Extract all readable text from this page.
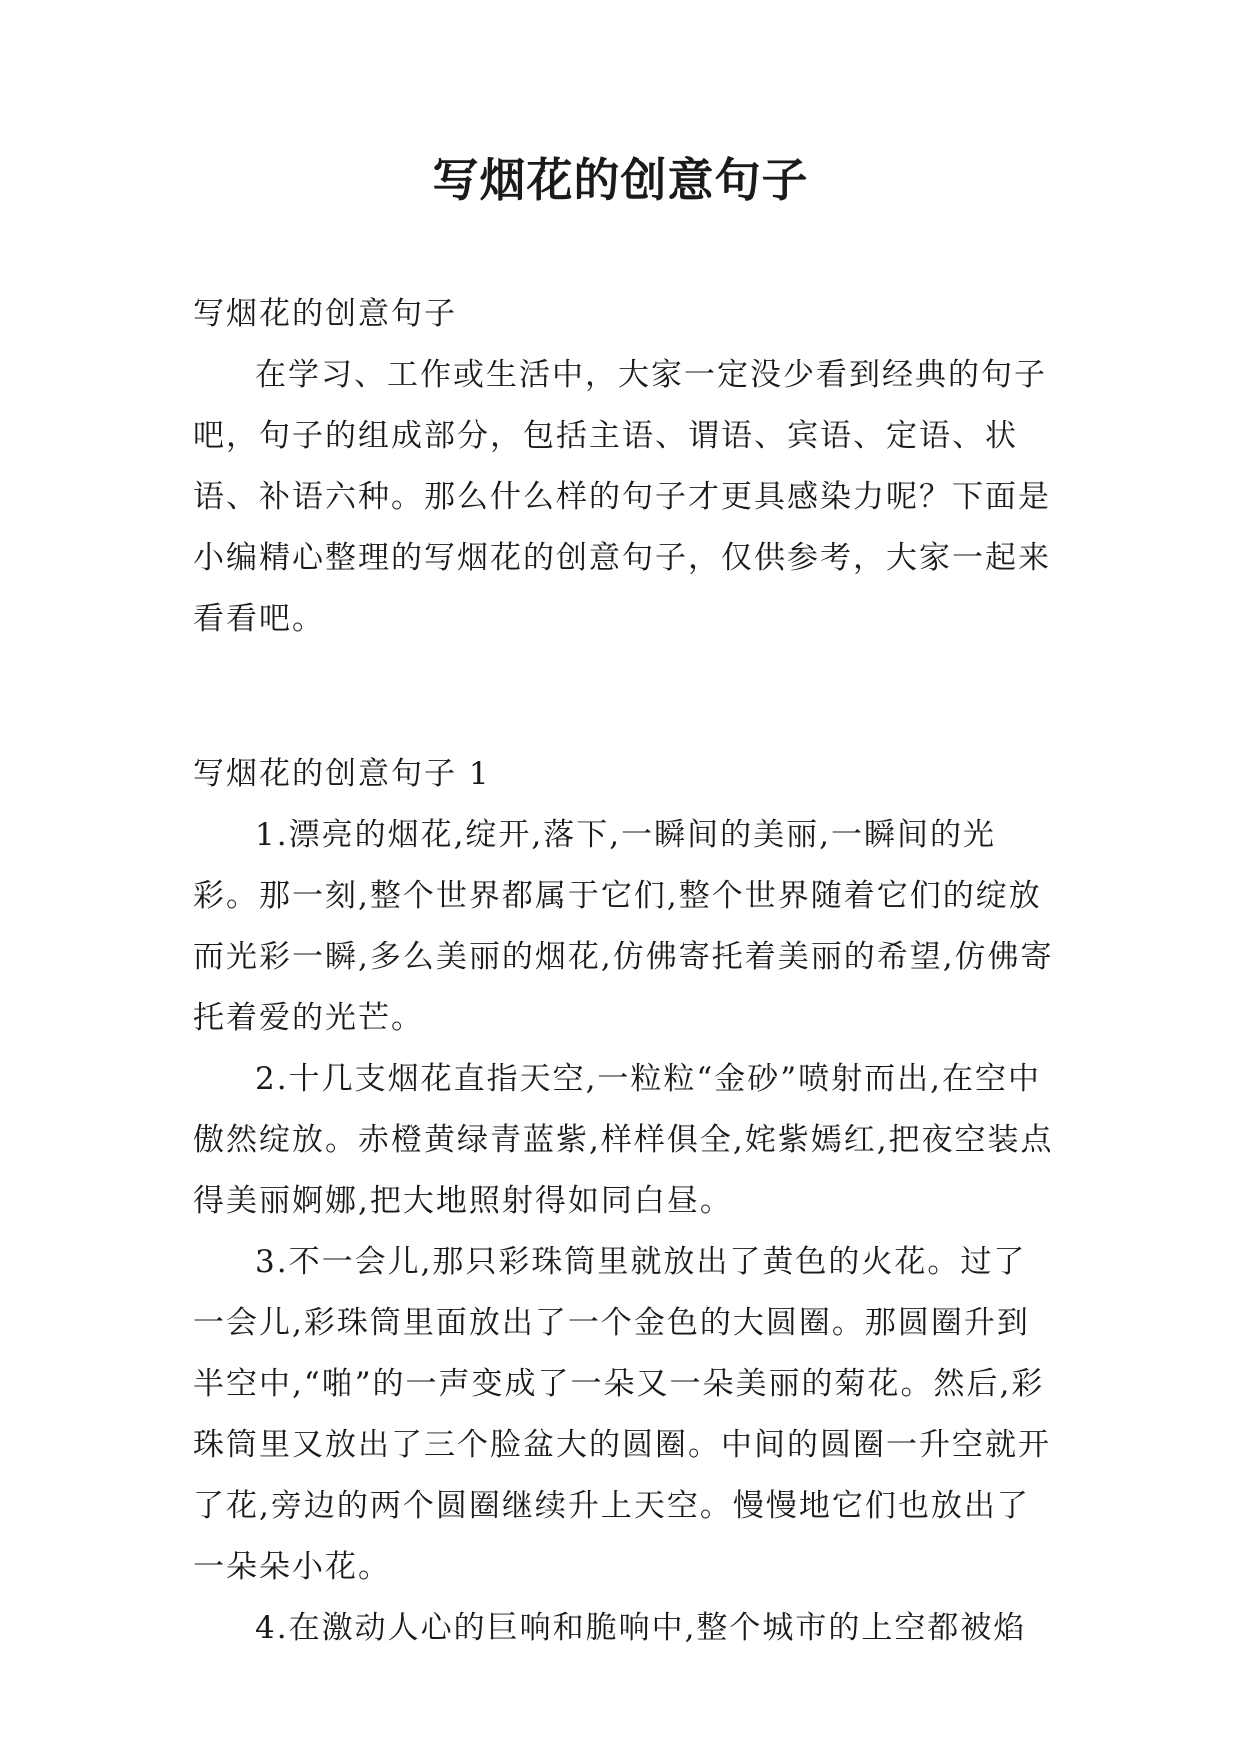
写烟花的创意句子

写烟花的创意句子

在学习、工作或生活中，大家一定没少看到经典的句子吧，句子的组成部分，包括主语、谓语、宾语、定语、状语、补语六种。那么什么样的句子才更具感染力呢？下面是小编精心整理的写烟花的创意句子，仅供参考，大家一起来看看吧。

写烟花的创意句子 1

1.漂亮的烟花,绽开,落下,一瞬间的美丽,一瞬间的光彩。那一刻,整个世界都属于它们,整个世界随着它们的绽放而光彩一瞬,多么美丽的烟花,仿佛寄托着美丽的希望,仿佛寄托着爱的光芒。

2.十几支烟花直指天空,一粒粒“金砂”喷射而出,在空中傲然绽放。赤橙黄绿青蓝紫,样样俱全,姹紫嫣红,把夜空装点得美丽婀娜,把大地照射得如同白昼。

3.不一会儿,那只彩珠筒里就放出了黄色的火花。过了一会儿,彩珠筒里面放出了一个金色的大圆圈。那圆圈升到半空中,“啪”的一声变成了一朵又一朵美丽的菊花。然后,彩珠筒里又放出了三个脸盆大的圆圈。中间的圆圈一升空就开了花,旁边的两个圆圈继续升上天空。慢慢地它们也放出了一朵朵小花。

4.在激动人心的巨响和脆响中,整个城市的上空都被焰
